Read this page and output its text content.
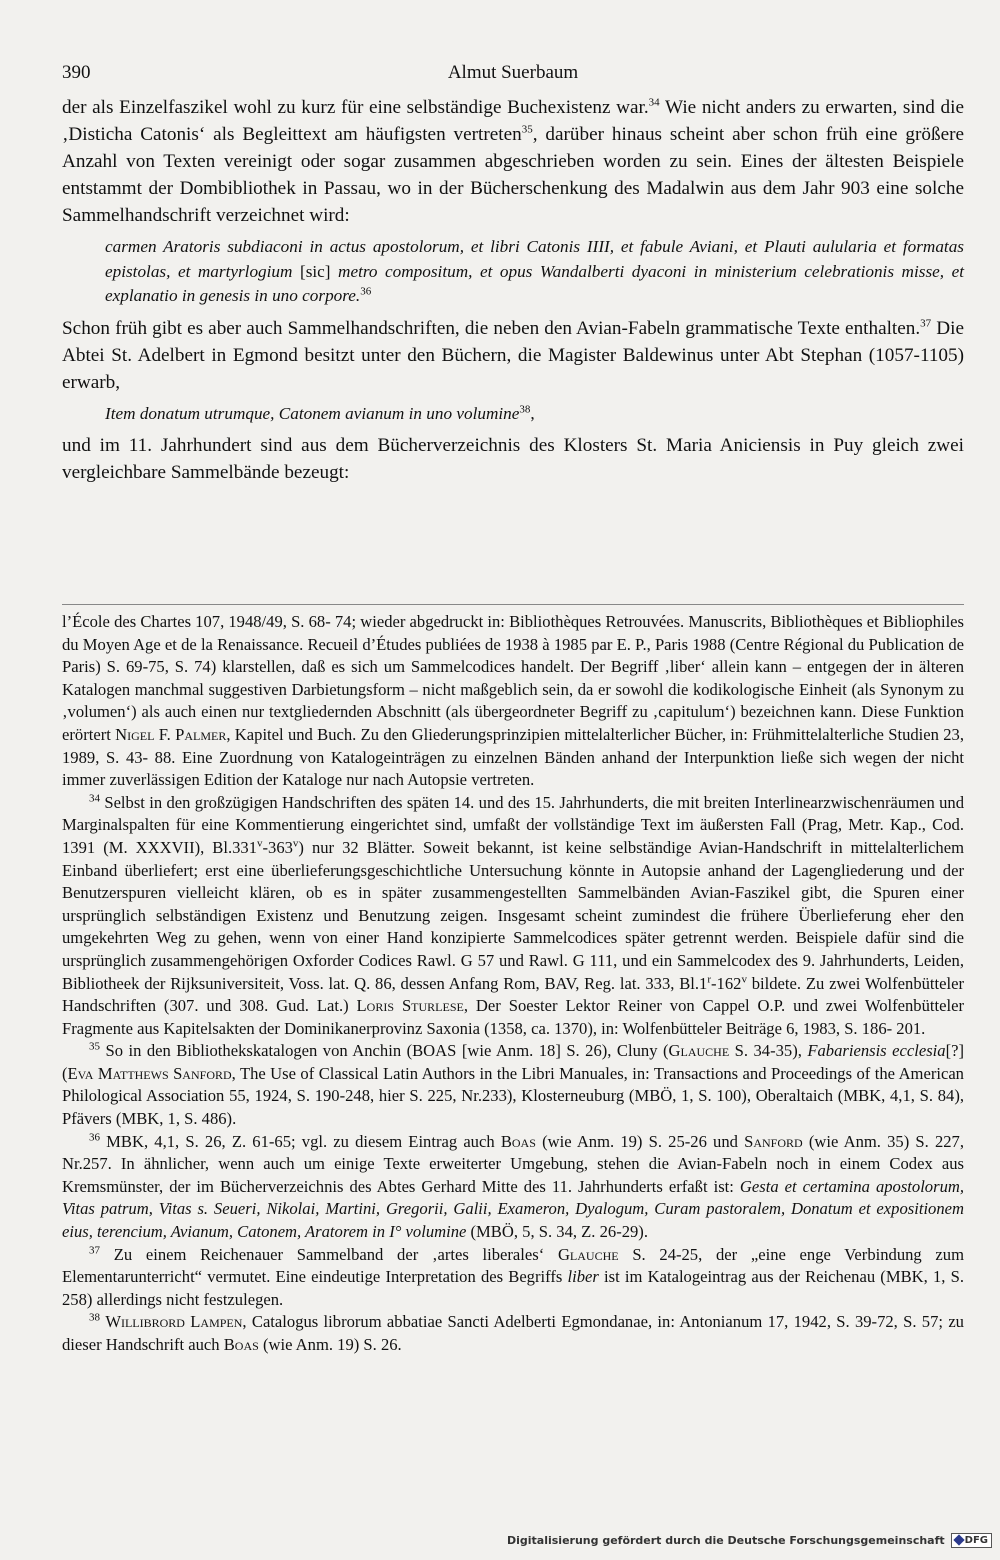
390	Almut Suerbaum

der als Einzelfaszikel wohl zu kurz für eine selbständige Buchexistenz war.$^{34}$ Wie nicht anders zu erwarten, sind die ‚Disticha Catonis‘ als Begleittext am häufigsten vertreten$^{35}$, darüber hinaus scheint aber schon früh eine größere Anzahl von Texten vereinigt oder sogar zusammen abgeschrieben worden zu sein. Eines der ältesten Beispiele entstammt der Dombibliothek in Passau, wo in der Bücherschenkung des Madalwin aus dem Jahr 903 eine solche Sammelhandschrift verzeichnet wird:

carmen Aratoris subdiaconi in actus apostolorum, et libri Catonis IIII, et fabule Aviani, et Plauti aulularia et formatas epistolas, et martyrlogium [sic] metro compositum, et opus Wandalberti dyaconi in ministerium celebrationis misse, et explanatio in genesis in uno corpore.$^{36}$

Schon früh gibt es aber auch Sammelhandschriften, die neben den Avian-Fabeln grammatische Texte enthalten.$^{37}$ Die Abtei St. Adelbert in Egmond besitzt unter den Büchern, die Magister Baldewinus unter Abt Stephan (1057-1105) erwarb,

Item donatum utrumque, Catonem avianum in uno volumine$^{38}$,

und im 11. Jahrhundert sind aus dem Bücherverzeichnis des Klosters St. Maria Aniciensis in Puy gleich zwei vergleichbare Sammelbände bezeugt:

l’École des Chartes 107, 1948/49, S. 68- 74; wieder abgedruckt in: Bibliothèques Retrouvées. Manuscrits, Bibliothèques et Bibliophiles du Moyen Age et de la Renaissance. Recueil d’Études publiées de 1938 à 1985 par E. P., Paris 1988 (Centre Régional du Publication de Paris) S. 69-75, S. 74) klarstellen, daß es sich um Sammelcodices handelt. Der Begriff ‚liber‘ allein kann – entgegen der in älteren Katalogen manchmal suggestiven Darbietungsform – nicht maßgeblich sein, da er sowohl die kodikologische Einheit (als Synonym zu ‚volumen‘) als auch einen nur textgliedernden Abschnitt (als übergeordneter Begriff zu ‚capitulum‘) bezeichnen kann. Diese Funktion erörtert Nigel F. Palmer, Kapitel und Buch. Zu den Gliederungsprinzipien mittelalterlicher Bücher, in: Frühmittelalterliche Studien 23, 1989, S. 43- 88. Eine Zuordnung von Katalogeinträgen zu einzelnen Bänden anhand der Interpunktion ließe sich wegen der nicht immer zuverlässigen Edition der Kataloge nur nach Autopsie vertreten.

$^{34}$ Selbst in den großzügigen Handschriften des späten 14. und des 15. Jahrhunderts, die mit breiten Interlinearzwischenräumen und Marginalspalten für eine Kommentierung eingerichtet sind, umfaßt der vollständige Text im äußersten Fall (Prag, Metr. Kap., Cod. 1391 (M. XXXVII), Bl.331$^v$-363$^v$) nur 32 Blätter. Soweit bekannt, ist keine selbständige Avian-Handschrift in mittelalterlichem Einband überliefert; erst eine überlieferungsgeschichtliche Untersuchung könnte in Autopsie anhand der Lagengliederung und der Benutzerspuren vielleicht klären, ob es in später zusammengestellten Sammelbänden Avian-Faszikel gibt, die Spuren einer ursprünglich selbständigen Existenz und Benutzung zeigen. Insgesamt scheint zumindest die frühere Überlieferung eher den umgekehrten Weg zu gehen, wenn von einer Hand konzipierte Sammelcodices später getrennt werden. Beispiele dafür sind die ursprünglich zusammengehörigen Oxforder Codices Rawl. G 57 und Rawl. G 111, und ein Sammelcodex des 9. Jahrhunderts, Leiden, Bibliotheek der Rijksuniversiteit, Voss. lat. Q. 86, dessen Anfang Rom, BAV, Reg. lat. 333, Bl.1$^r$-162$^v$ bildete. Zu zwei Wolfenbütteler Handschriften (307. und 308. Gud. Lat.) Loris Sturlese, Der Soester Lektor Reiner von Cappel O.P. und zwei Wolfenbütteler Fragmente aus Kapitelsakten der Dominikanerprovinz Saxonia (1358, ca. 1370), in: Wolfenbütteler Beiträge 6, 1983, S. 186- 201.

$^{35}$ So in den Bibliothekskatalogen von Anchin (BOAS [wie Anm. 18] S. 26), Cluny (Glauche S. 34-35), Fabariensis ecclesia[?] (Eva Matthews Sanford, The Use of Classical Latin Authors in the Libri Manuales, in: Transactions and Proceedings of the American Philological Association 55, 1924, S. 190-248, hier S. 225, Nr.233), Klosterneuburg (MBÖ, 1, S. 100), Oberaltaich (MBK, 4,1, S. 84), Pfävers (MBK, 1, S. 486).

$^{36}$ MBK, 4,1, S. 26, Z. 61-65; vgl. zu diesem Eintrag auch Boas (wie Anm. 19) S. 25-26 und Sanford (wie Anm. 35) S. 227, Nr.257. In ähnlicher, wenn auch um einige Texte erweiterter Umgebung, stehen die Avian-Fabeln noch in einem Codex aus Kremsmünster, der im Bücherverzeichnis des Abtes Gerhard Mitte des 11. Jahrhunderts erfaßt ist: Gesta et certamina apostolorum, Vitas patrum, Vitas s. Seueri, Nikolai, Martini, Gregorii, Galii, Exameron, Dyalogum, Curam pastoralem, Donatum et expositionem eius, terencium, Avianum, Catonem, Aratorem in I° volumine (MBÖ, 5, S. 34, Z. 26-29).

$^{37}$ Zu einem Reichenauer Sammelband der ‚artes liberales‘ Glauche S. 24-25, der „eine enge Verbindung zum Elementarunterricht“ vermutet. Eine eindeutige Interpretation des Begriffs liber ist im Katalogeintrag aus der Reichenau (MBK, 1, S. 258) allerdings nicht festzulegen.

$^{38}$ Willibrord Lampen, Catalogus librorum abbatiae Sancti Adelberti Egmondanae, in: Antonianum 17, 1942, S. 39-72, S. 57; zu dieser Handschrift auch Boas (wie Anm. 19) S. 26.

Digitalisierung gefördert durch die Deutsche Forschungsgemeinschaft DFG
